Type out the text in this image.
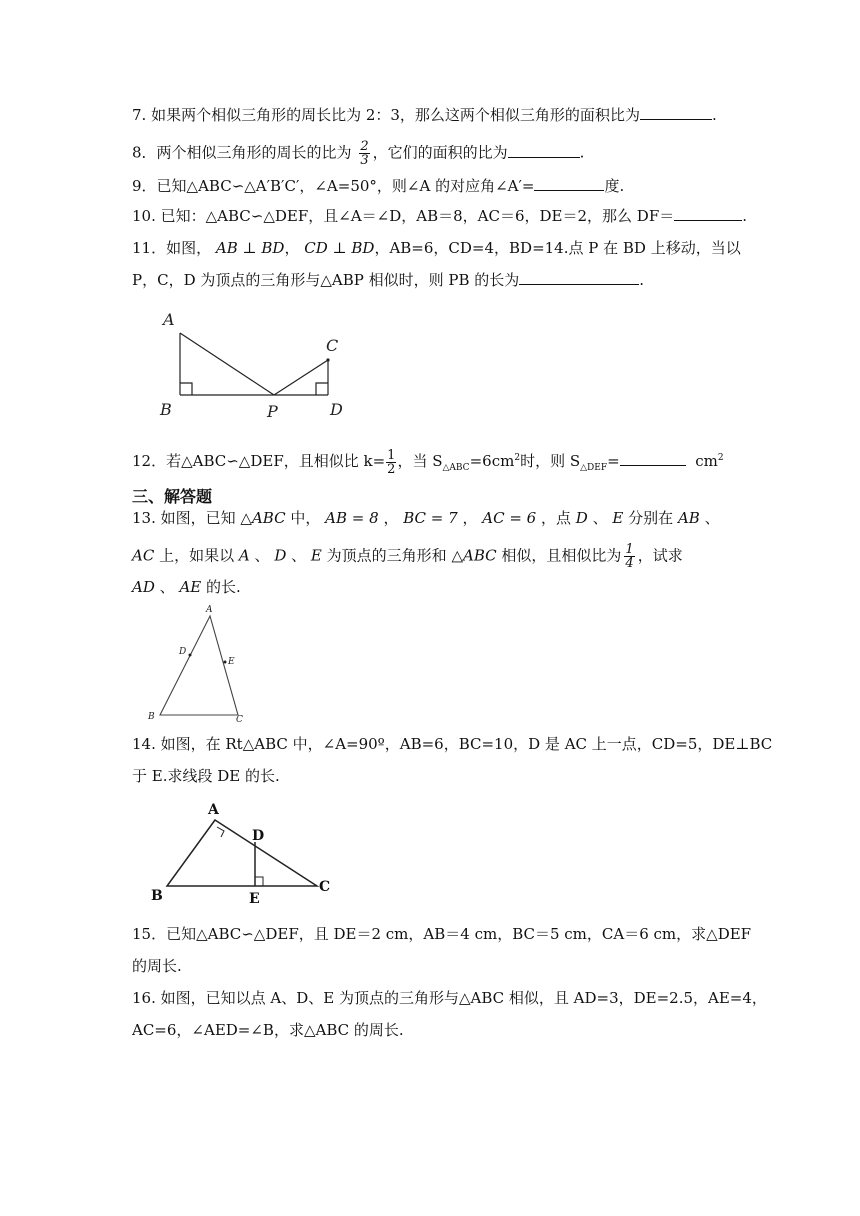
7. 如果两个相似三角形的周长比为 2：3，那么这两个相似三角形的面积比为	.
8．两个相似三角形的周长的比为 $\frac{2}{3}$ ，它们的面积的比为	.
9．已知△ABC∽△A′B′C′，∠A=50°，则∠A 的对应角∠A′=	度.
10. 已知：△ABC∽△DEF，且∠A＝∠D，AB＝8，AC＝6，DE＝2，那么 DF＝	.
11．如图， AB ⊥ BD， CD ⊥ BD，AB=6，CD=4，BD=14.点 P 在 BD 上移动，当以
P，C，D 为顶点的三角形与△ABP 相似时，则 PB 的长为	.
A
B	P
C
D
12．若△ABC∽△DEF，且相似比 $k= \frac{1}{2}$ ，当 $S_{\triangle ABC}=6cm^2$时，则 $S_{\triangle DEF}=$	$cm^2$
三、解答题
13. 如图，已知 △ABC 中， AB = 8 ， BC = 7 ， AC = 6 ，点 D 、 E 分别在 AB 、
AC 上，如果以 A 、 D 、 E 为顶点的三角形和 △ABC 相似，且相似比为 $\frac{1}{4}$ ，试求
AD 、 AE 的长.
A
B	C
D
E
14. 如图，在 Rt△ABC 中，∠A=90º，AB=6，BC=10，D 是 AC 上一点，CD=5，DE⊥BC
于 E.求线段 DE 的长.
A
B
C
D
E
15．已知△ABC∽△DEF，且 DE＝2 cm，AB＝4 cm，BC＝5 cm，CA＝6 cm，求△DEF
的周长.
16. 如图，已知以点 A、D、E 为顶点的三角形与△ABC 相似，且 AD=3，DE=2.5，AE=4，
AC=6，∠AED=∠B，求△ABC 的周长.
